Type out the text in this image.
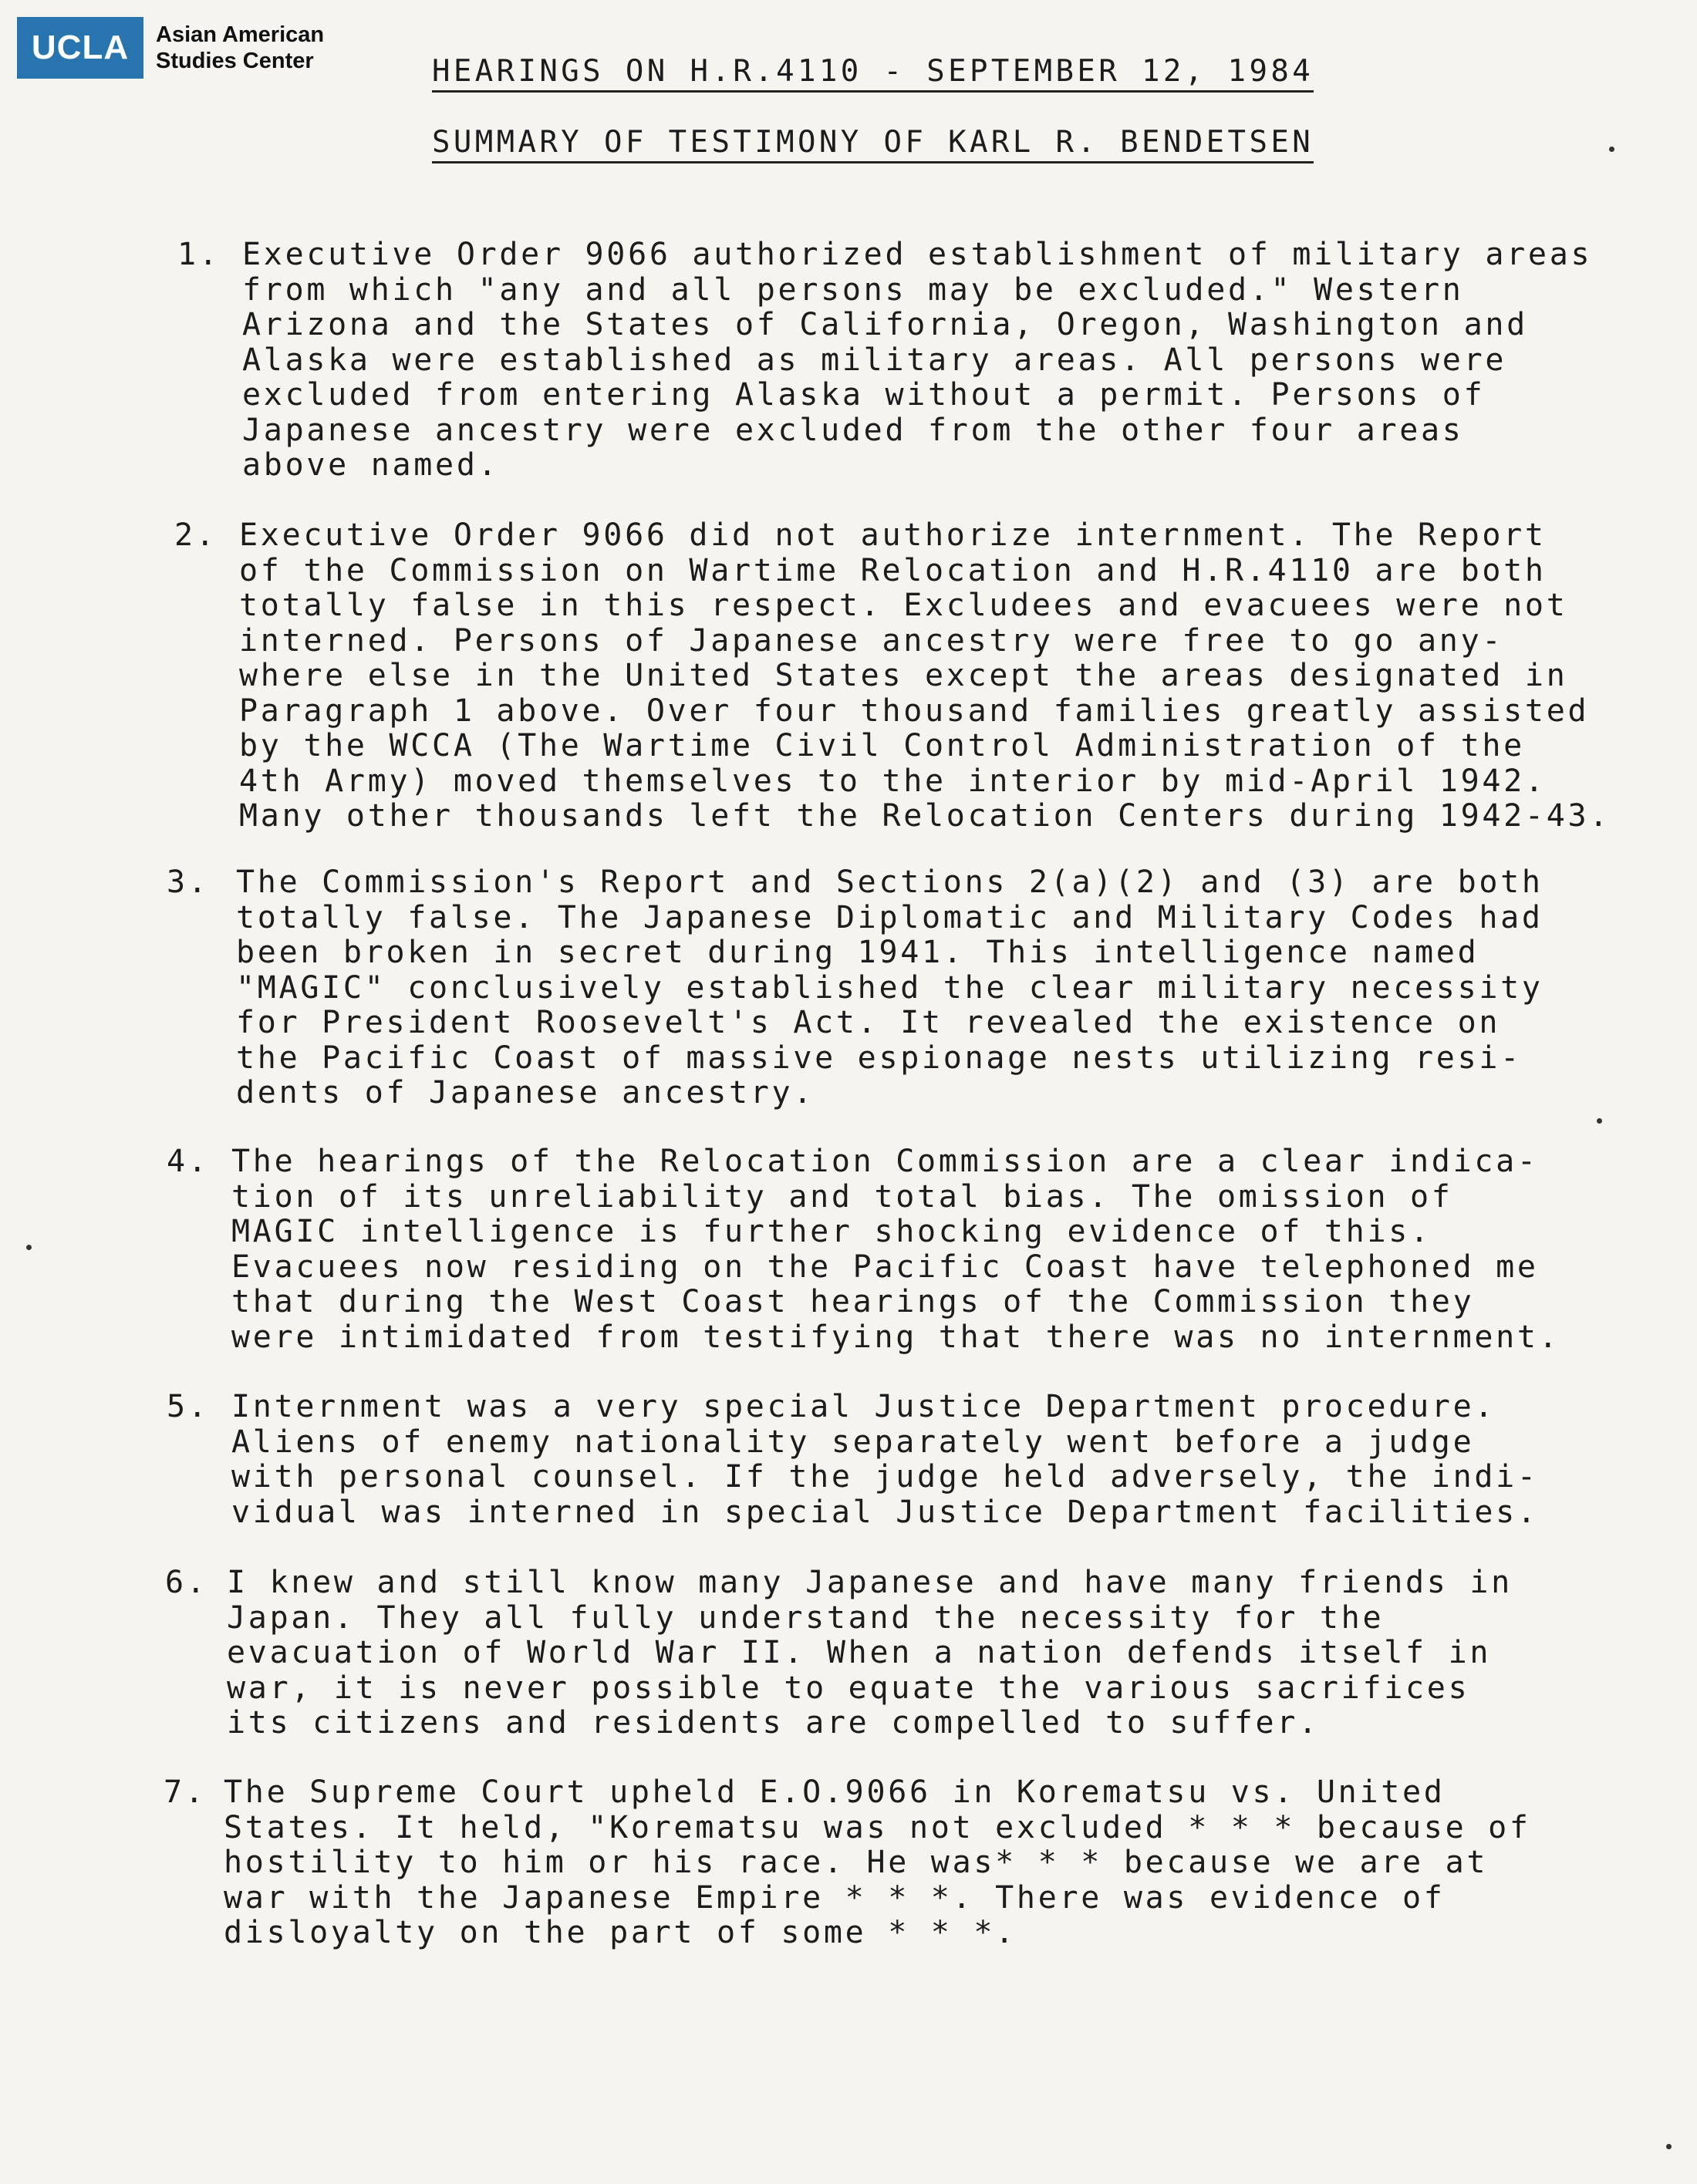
UCLA	Asian American
Studies Center	HEARINGS ON H.R.4110 - SEPTEMBER 12, 1984
SUMMARY OF TESTIMONY OF KARL R. BENDETSEN
1. Executive Order 9066 authorized establishment of military areas
from which "any and all persons may be excluded." Western
Arizona and the States of California, Oregon, Washington and
Alaska were established as military areas. All persons were
excluded from entering Alaska without a permit. Persons of
Japanese ancestry were excluded from the other four areas
above named.
2. Executive Order 9066 did not authorize internment. The Report
of the Commission on Wartime Relocation and H.R.4110 are both
totally false in this respect. Excludees and evacuees were not
interned. Persons of Japanese ancestry were free to go any-
where else in the United States except the areas designated in
Paragraph 1 above. Over four thousand families greatly assisted
by the WCCA (The Wartime Civil Control Administration of the
4th Army) moved themselves to the interior by mid-April 1942.
Many other thousands left the Relocation Centers during 1942-43.
3. The Commission's Report and Sections 2(a)(2) and (3) are both
totally false. The Japanese Diplomatic and Military Codes had
been broken in secret during 1941. This intelligence named
"MAGIC" conclusively established the clear military necessity
for President Roosevelt's Act. It revealed the existence on
the Pacific Coast of massive espionage nests utilizing resi-
dents of Japanese ancestry.
4. The hearings of the Relocation Commission are a clear indica-
tion of its unreliability and total bias. The omission of
MAGIC intelligence is further shocking evidence of this.
Evacuees now residing on the Pacific Coast have telephoned me
that during the West Coast hearings of the Commission they
were intimidated from testifying that there was no internment.
5. Internment was a very special Justice Department procedure.
Aliens of enemy nationality separately went before a judge
with personal counsel. If the judge held adversely, the indi-
vidual was interned in special Justice Department facilities.
6. I knew and still know many Japanese and have many friends in
Japan. They all fully understand the necessity for the
evacuation of World War II. When a nation defends itself in
war, it is never possible to equate the various sacrifices
its citizens and residents are compelled to suffer.
7. The Supreme Court upheld E.O.9066 in Korematsu vs. United
States. It held, "Korematsu was not excluded * * * because of
hostility to him or his race. He was* * * because we are at
war with the Japanese Empire * * *. There was evidence of
disloyalty on the part of some * * *.
